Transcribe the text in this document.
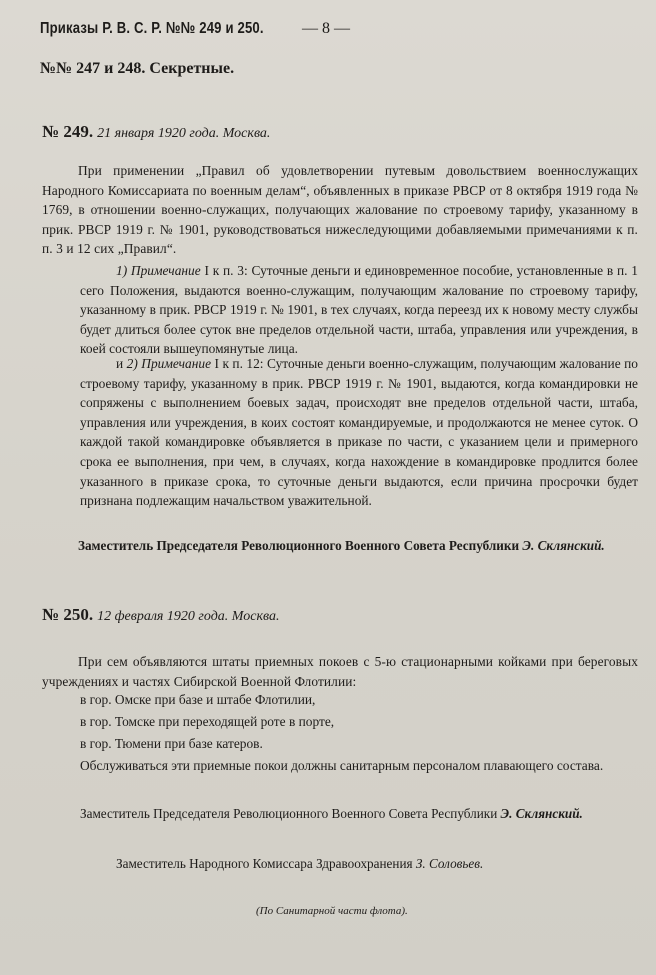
Приказы Р. В. С. Р. №№ 249 и 250. — 8 —
№№ 247 и 248. Секретные.
№ 249. 21 января 1920 года. Москва.
При применении „Правил об удовлетворении путевым довольствием военнослужащих Народного Комиссариата по военным делам“, объявленных в приказе РВСР от 8 октября 1919 года № 1769, в отношении военно-служащих, получающих жалование по строевому тарифу, указанному в прик. РВСР 1919 г. № 1901, руководствоваться нижеследующими добавляемыми примечаниями к п. п. 3 и 12 сих „Правил“.
1) Примечание I к п. 3: Суточные деньги и единовременное пособие, установленные в п. 1 сего Положения, выдаются военно-служащим, получающим жалование по строевому тарифу, указанному в прик. РВСР 1919 г. № 1901, в тех случаях, когда переезд их к новому месту службы будет длиться более суток вне пределов отдельной части, штаба, управления или учреждения, в коей состояли вышеупомянутые лица.
и 2) Примечание I к п. 12: Суточные деньги военно-служащим, получающим жалование по строевому тарифу, указанному в прик. РВСР 1919 г. № 1901, выдаются, когда командировки не сопряжены с выполнением боевых задач, происходят вне пределов отдельной части, штаба, управления или учреждения, в коих состоят командируемые, и продолжаются не менее суток. О каждой такой командировке объявляется в приказе по части, с указанием цели и примерного срока ее выполнения, при чем, в случаях, когда нахождение в командировке продлится более указанного в приказе срока, то суточные деньги выдаются, если причина просрочки будет признана подлежащим начальством уважительной.
Заместитель Председателя Революционного Военного Совета Республики Э. Склянский.
№ 250. 12 февраля 1920 года. Москва.
При сем объявляются штаты приемных покоев с 5-ю стационарными койками при береговых учреждениях и частях Сибирской Военной Флотилии:
в гор. Омске при базе и штабе Флотилии,
в гор. Томске при переходящей роте в порте,
в гор. Тюмени при базе катеров.
Обслуживаться эти приемные покои должны санитарным персоналом плавающего состава.
Заместитель Председателя Революционного Военного Совета Республики Э. Склянский.
Заместитель Народного Комиссара Здравоохранения З. Соловьев.
(По Санитарной части флота).
